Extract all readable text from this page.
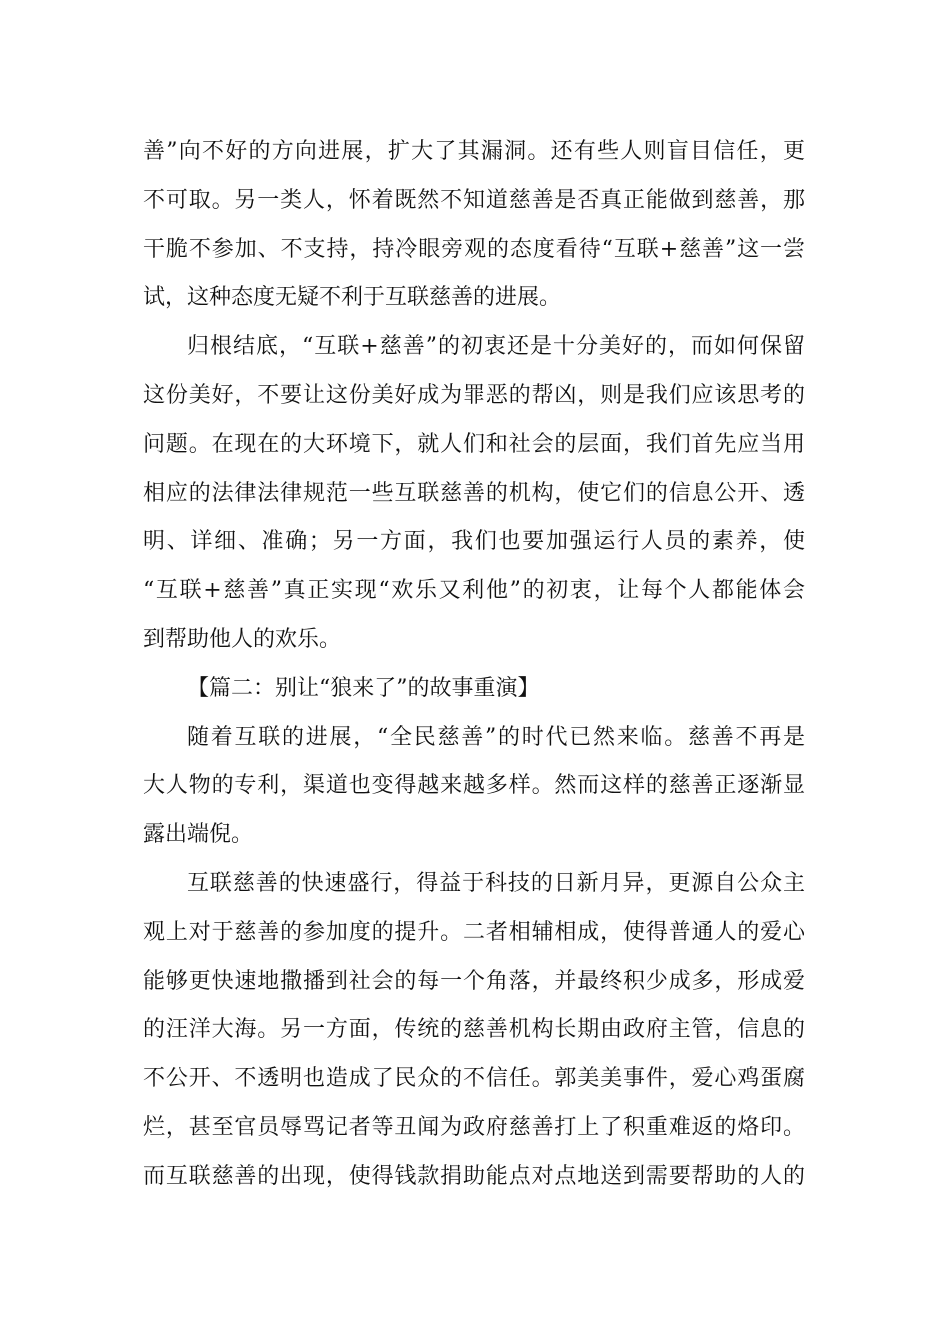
善”向不好的方向进展，扩大了其漏洞。还有些人则盲目信任，更
不可取。另一类人，怀着既然不知道慈善是否真正能做到慈善，那
干脆不参加、不支持，持冷眼旁观的态度看待“互联+慈善”这一尝
试，这种态度无疑不利于互联慈善的进展。
归根结底，“互联+慈善”的初衷还是十分美好的，而如何保留
这份美好，不要让这份美好成为罪恶的帮凶，则是我们应该思考的
问题。在现在的大环境下，就人们和社会的层面，我们首先应当用
相应的法律法律规范一些互联慈善的机构，使它们的信息公开、透
明、详细、准确；另一方面，我们也要加强运行人员的素养，使
“互联+慈善”真正实现“欢乐又利他”的初衷，让每个人都能体会
到帮助他人的欢乐。
【篇二：别让“狼来了”的故事重演】
随着互联的进展，“全民慈善”的时代已然来临。慈善不再是
大人物的专利，渠道也变得越来越多样。然而这样的慈善正逐渐显
露出端倪。
互联慈善的快速盛行，得益于科技的日新月异，更源自公众主
观上对于慈善的参加度的提升。二者相辅相成，使得普通人的爱心
能够更快速地撒播到社会的每一个角落，并最终积少成多，形成爱
的汪洋大海。另一方面，传统的慈善机构长期由政府主管，信息的
不公开、不透明也造成了民众的不信任。郭美美事件，爱心鸡蛋腐
烂，甚至官员辱骂记者等丑闻为政府慈善打上了积重难返的烙印。
而互联慈善的出现，使得钱款捐助能点对点地送到需要帮助的人的
